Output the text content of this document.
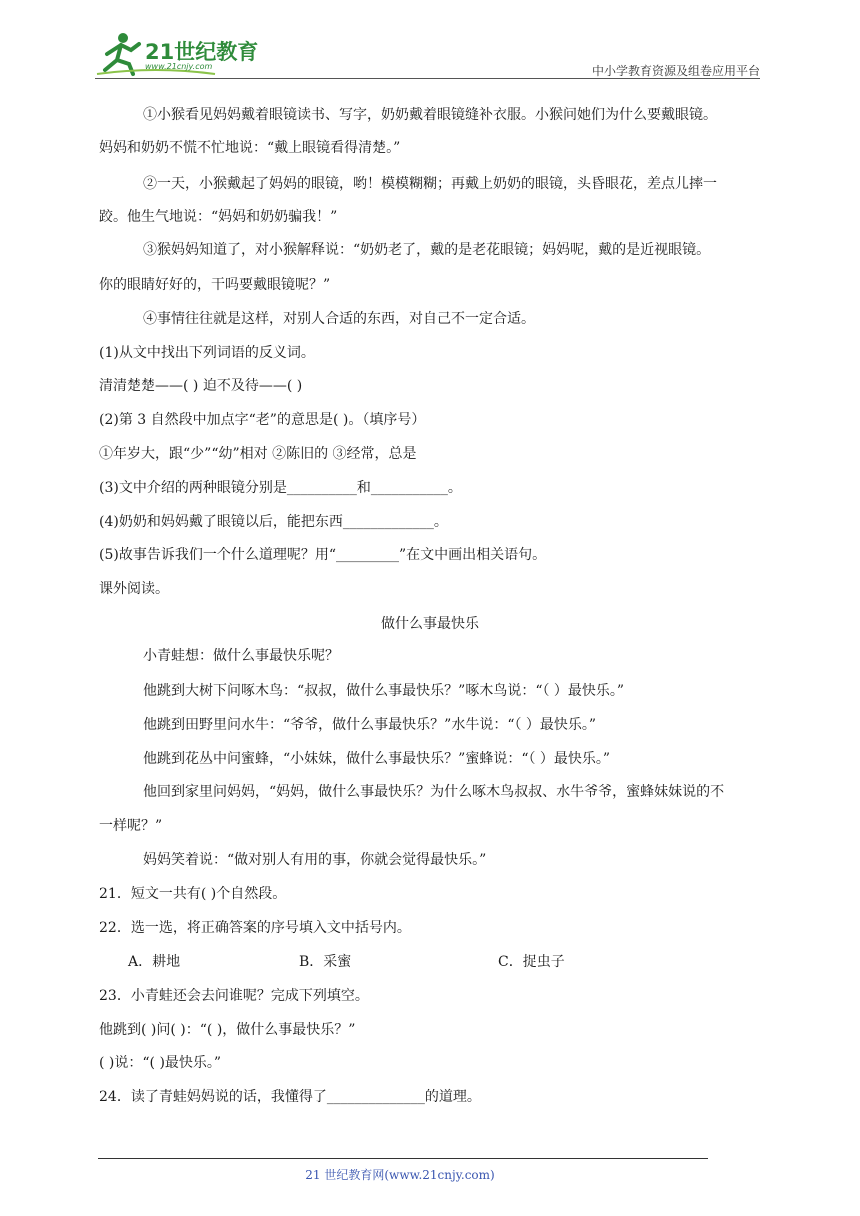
21世纪教育
www.21cnjy.com	中小学教育资源及组卷应用平台
①小猴看见妈妈戴着眼镜读书、写字，奶奶戴着眼镜缝补衣服。小猴问她们为什么要戴眼镜。
妈妈和奶奶不慌不忙地说：“戴上眼镜看得清楚。”
②一天，小猴戴起了妈妈的眼镜，哟！模模糊糊；再戴上奶奶的眼镜，头昏眼花，差点儿摔一
跤。他生气地说：“妈妈和奶奶骗我！”
③猴妈妈知道了，对小猴解释说：“奶奶老了，戴的是老花眼镜；妈妈呢，戴的是近视眼镜。
你的眼睛好好的，干吗要戴眼镜呢？”
④事情往往就是这样，对别人合适的东西，对自己不一定合适。
(1)从文中找出下列词语的反义词。
清清楚楚——( ) 迫不及待——( )
(2)第 3 自然段中加点字“老”的意思是( )。（填序号）
①年岁大，跟“少”“幼”相对 ②陈旧的 ③经常，总是
(3)文中介绍的两种眼镜分别是__________和___________。
(4)奶奶和妈妈戴了眼镜以后，能把东西_____________。
(5)故事告诉我们一个什么道理呢？用“_________”在文中画出相关语句。
课外阅读。
做什么事最快乐
小青蛙想：做什么事最快乐呢？
他跳到大树下问啄木鸟：“叔叔，做什么事最快乐？”啄木鸟说：“（ ）最快乐。”
他跳到田野里问水牛：“爷爷，做什么事最快乐？”水牛说：“（ ）最快乐。”
他跳到花丛中问蜜蜂，“小妹妹，做什么事最快乐？”蜜蜂说：“（ ）最快乐。”
他回到家里问妈妈，“妈妈，做什么事最快乐？为什么啄木鸟叔叔、水牛爷爷，蜜蜂妹妹说的不
一样呢？”
妈妈笑着说：“做对别人有用的事，你就会觉得最快乐。”
21．短文一共有( )个自然段。
22．选一选，将正确答案的序号填入文中括号内。
A．耕地	B．采蜜	C．捉虫子
23．小青蛙还会去问谁呢？完成下列填空。
他跳到( )问( )：“( )，做什么事最快乐？”
( )说：“( )最快乐。”
24．读了青蛙妈妈说的话，我懂得了______________的道理。
21 世纪教育网(www.21cnjy.com)
